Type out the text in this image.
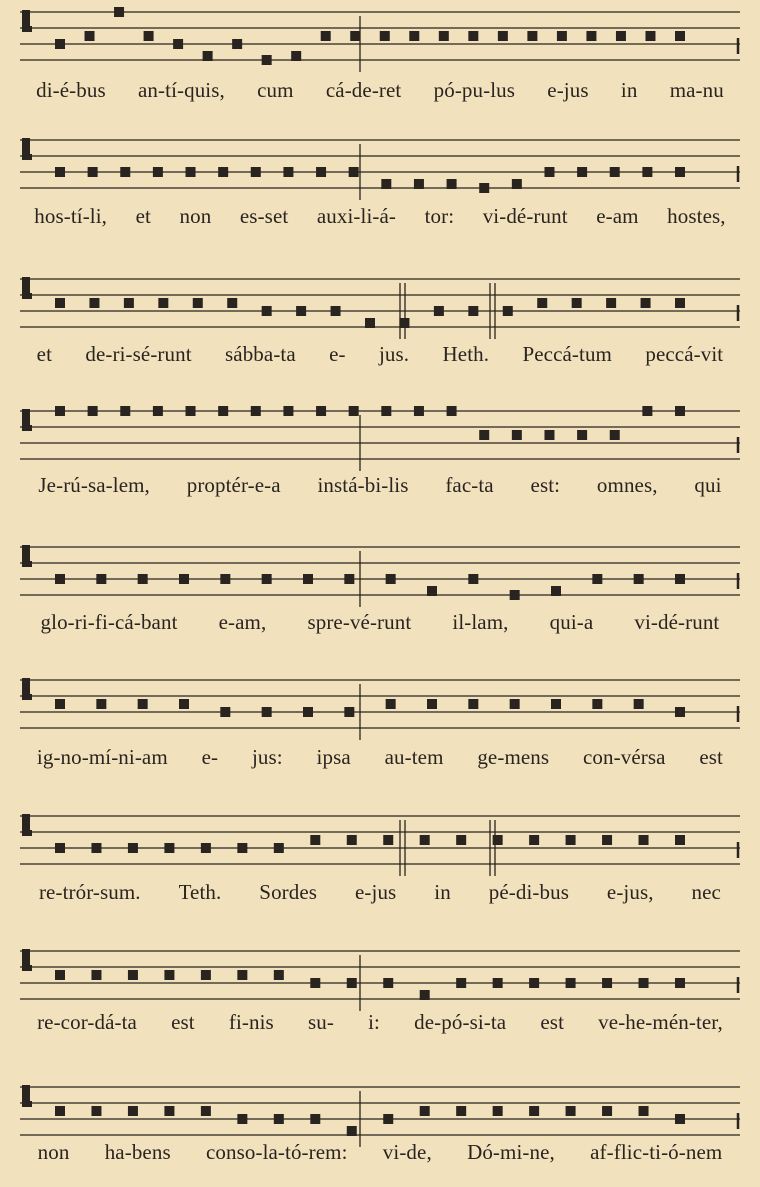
di-é-bus an-tí-quis, cum cá-de-ret pó-pu-lus e-jus in ma-nu
hos-tí-li, et non es-set auxi-li-á- tor: vi-dé-runt e-am hostes,
et de-ri-sé-runt sábba-ta e- jus. Heth. Peccá-tum peccá-vit
Je-rú-sa-lem, proptér-e-a instá-bi-lis fac-ta est: omnes, qui
glo-ri-fi-cá-bant e-am, spre-vé-runt il-lam, qui-a vi-dé-runt
ig-no-mí-ni-am e- jus: ipsa au-tem ge-mens con-vérsa est
re-trór-sum. Teth. Sordes e-jus in pé-di-bus e-jus, nec
re-cor-dá-ta est fi-nis su- i: de-pó-si-ta est ve-he-mén-ter,
non ha-bens conso-la-tó-rem: vi-de, Dó-mi-ne, af-flic-ti-ó-nem
